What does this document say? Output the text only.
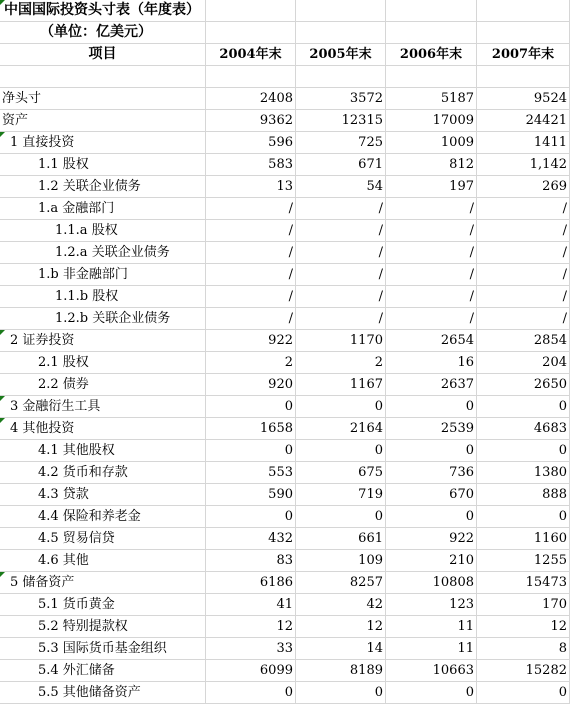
中国国际投资头寸表（年度表）

（单位：亿美元）				
项目	2004年末	2005年末	2006年末	2007年末

净头寸	2408	3572	5187	9524
资产	9362	12315	17009	24421
1 直接投资	596	725	1009	1411
1.1 股权	583	671	812	1,142
1.2 关联企业债务	13	54	197	269
1.a 金融部门	/	/	/	/
1.1.a 股权	/	/	/	/
1.2.a 关联企业债务	/	/	/	/
1.b 非金融部门	/	/	/	/
1.1.b 股权	/	/	/	/
1.2.b 关联企业债务	/	/	/	/
2 证券投资	922	1170	2654	2854
2.1 股权	2	2	16	204
2.2 债券	920	1167	2637	2650
3 金融衍生工具	0	0	0	0
4 其他投资	1658	2164	2539	4683
4.1 其他股权	0	0	0	0
4.2 货币和存款	553	675	736	1380
4.3 贷款	590	719	670	888
4.4 保险和养老金	0	0	0	0
4.5 贸易信贷	432	661	922	1160
4.6 其他	83	109	210	1255
5 储备资产	6186	8257	10808	15473
5.1 货币黄金	41	42	123	170
5.2 特别提款权	12	12	11	12
5.3 国际货币基金组织	33	14	11	8
5.4 外汇储备	6099	8189	10663	15282
5.5 其他储备资产	0	0	0	0
